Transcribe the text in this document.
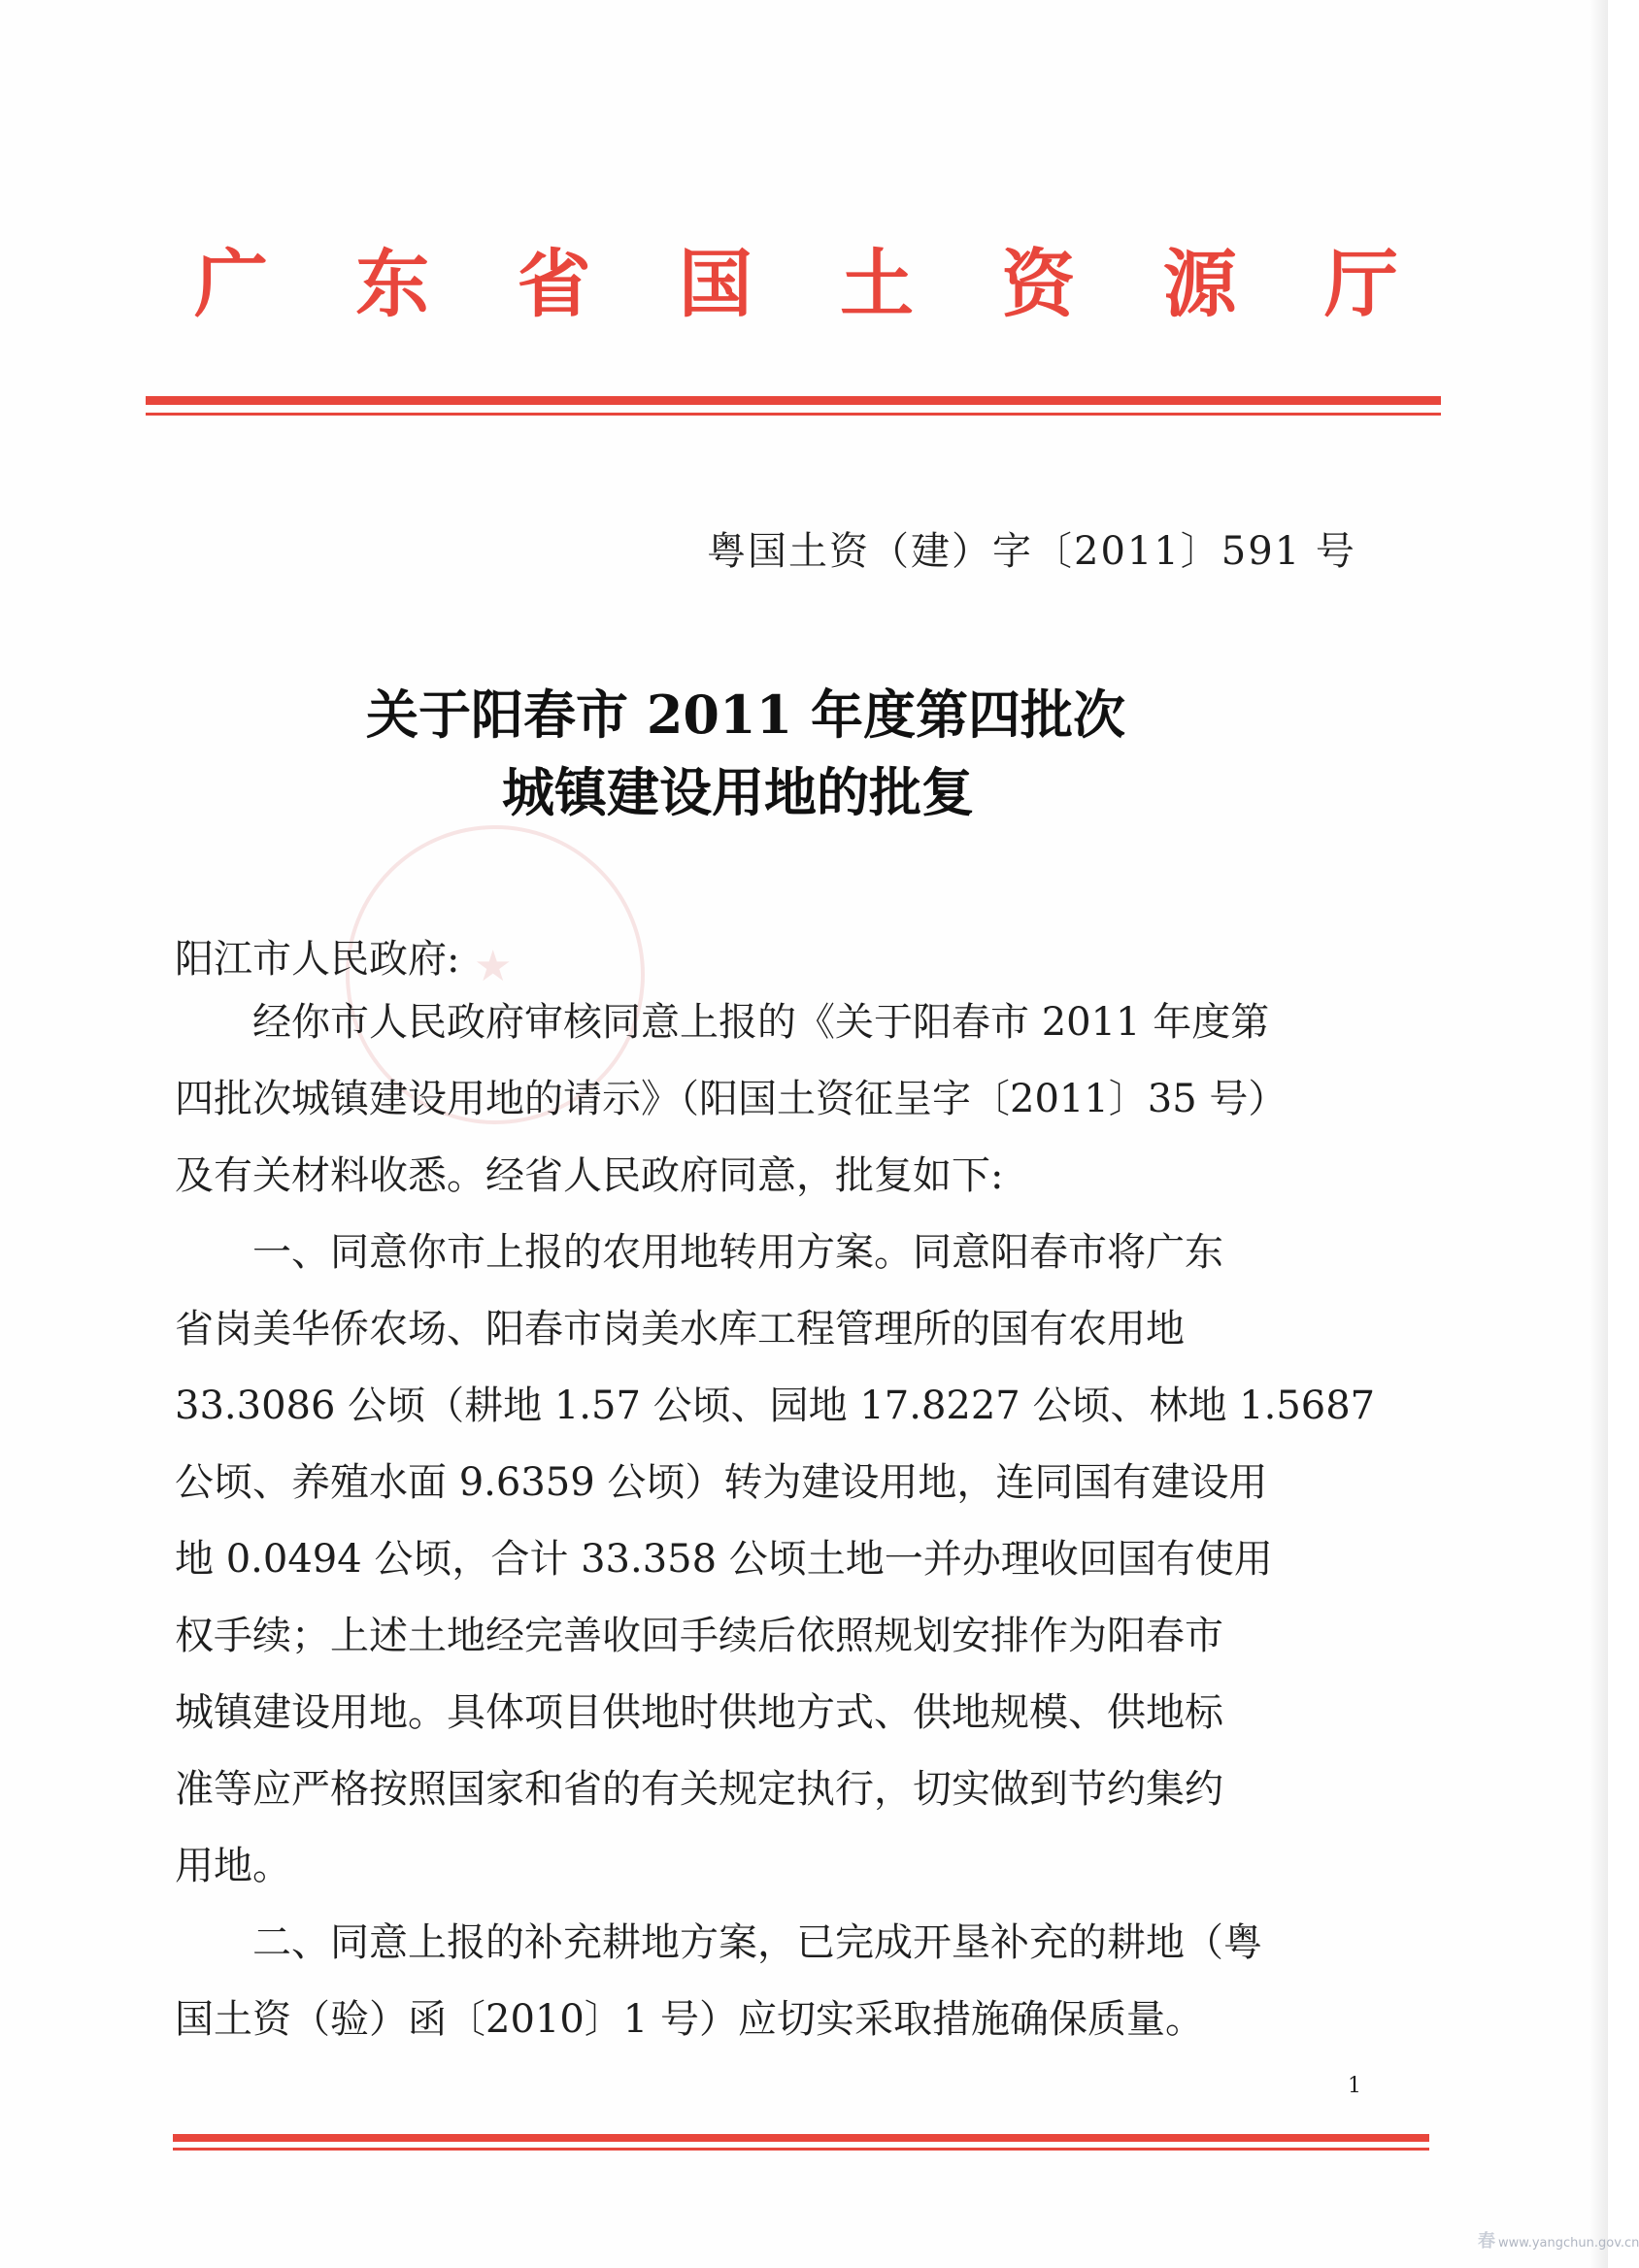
广 东 省 国 土 资 源 厅
粤国土资（建）字〔2011〕591 号
关于阳春市 2011 年度第四批次
城镇建设用地的批复
★
阳江市人民政府:
经你市人民政府审核同意上报的《关于阳春市 2011 年度第
四批次城镇建设用地的请示》（阳国土资征呈字〔2011〕35 号）
及有关材料收悉。经省人民政府同意，批复如下:
一、同意你市上报的农用地转用方案。同意阳春市将广东
省岗美华侨农场、阳春市岗美水库工程管理所的国有农用地
33.3086 公顷（耕地 1.57 公顷、园地 17.8227 公顷、林地 1.5687
公顷、养殖水面 9.6359 公顷）转为建设用地，连同国有建设用
地 0.0494 公顷，合计 33.358 公顷土地一并办理收回国有使用
权手续；上述土地经完善收回手续后依照规划安排作为阳春市
城镇建设用地。具体项目供地时供地方式、供地规模、供地标
准等应严格按照国家和省的有关规定执行，切实做到节约集约
用地。
二、同意上报的补充耕地方案，已完成开垦补充的耕地（粤
国土资（验）函〔2010〕1 号）应切实采取措施确保质量。
1
春 www.yangchun.gov.cn
